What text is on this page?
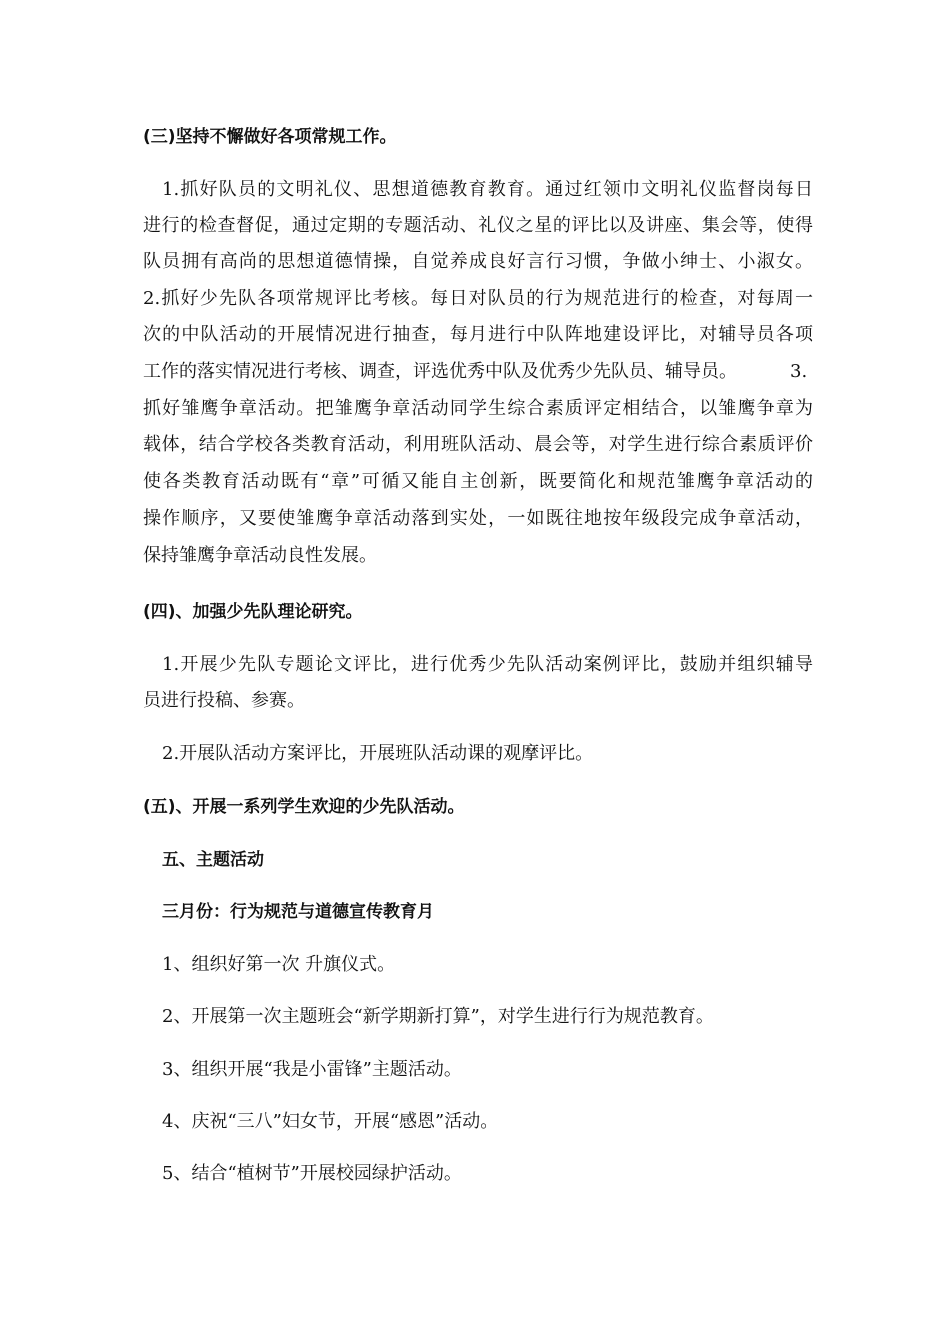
(三)坚持不懈做好各项常规工作。
1.抓好队员的文明礼仪、思想道德教育教育。通过红领巾文明礼仪监督岗每日
进行的检查督促，通过定期的专题活动、礼仪之星的评比以及讲座、集会等，使得
队员拥有高尚的思想道德情操，自觉养成良好言行习惯，争做小绅士、小淑女。
2.抓好少先队各项常规评比考核。每日对队员的行为规范进行的检查，对每周一
次的中队活动的开展情况进行抽查，每月进行中队阵地建设评比，对辅导员各项
工作的落实情况进行考核、调查，评选优秀中队及优秀少先队员、辅导员。	3.
抓好雏鹰争章活动。把雏鹰争章活动同学生综合素质评定相结合，以雏鹰争章为
载体，结合学校各类教育活动，利用班队活动、晨会等，对学生进行综合素质评价
使各类教育活动既有“章”可循又能自主创新，既要简化和规范雏鹰争章活动的
操作顺序，又要使雏鹰争章活动落到实处，一如既往地按年级段完成争章活动，
保持雏鹰争章活动良性发展。
(四)、加强少先队理论研究。
1.开展少先队专题论文评比，进行优秀少先队活动案例评比，鼓励并组织辅导
员进行投稿、参赛。
2.开展队活动方案评比，开展班队活动课的观摩评比。
(五)、开展一系列学生欢迎的少先队活动。
五、主题活动
三月份：行为规范与道德宣传教育月
1、组织好第一次 升旗仪式。
2、开展第一次主题班会“新学期新打算”，对学生进行行为规范教育。
3、组织开展“我是小雷锋”主题活动。
4、庆祝“三八”妇女节，开展“感恩”活动。
5、结合“植树节”开展校园绿护活动。
